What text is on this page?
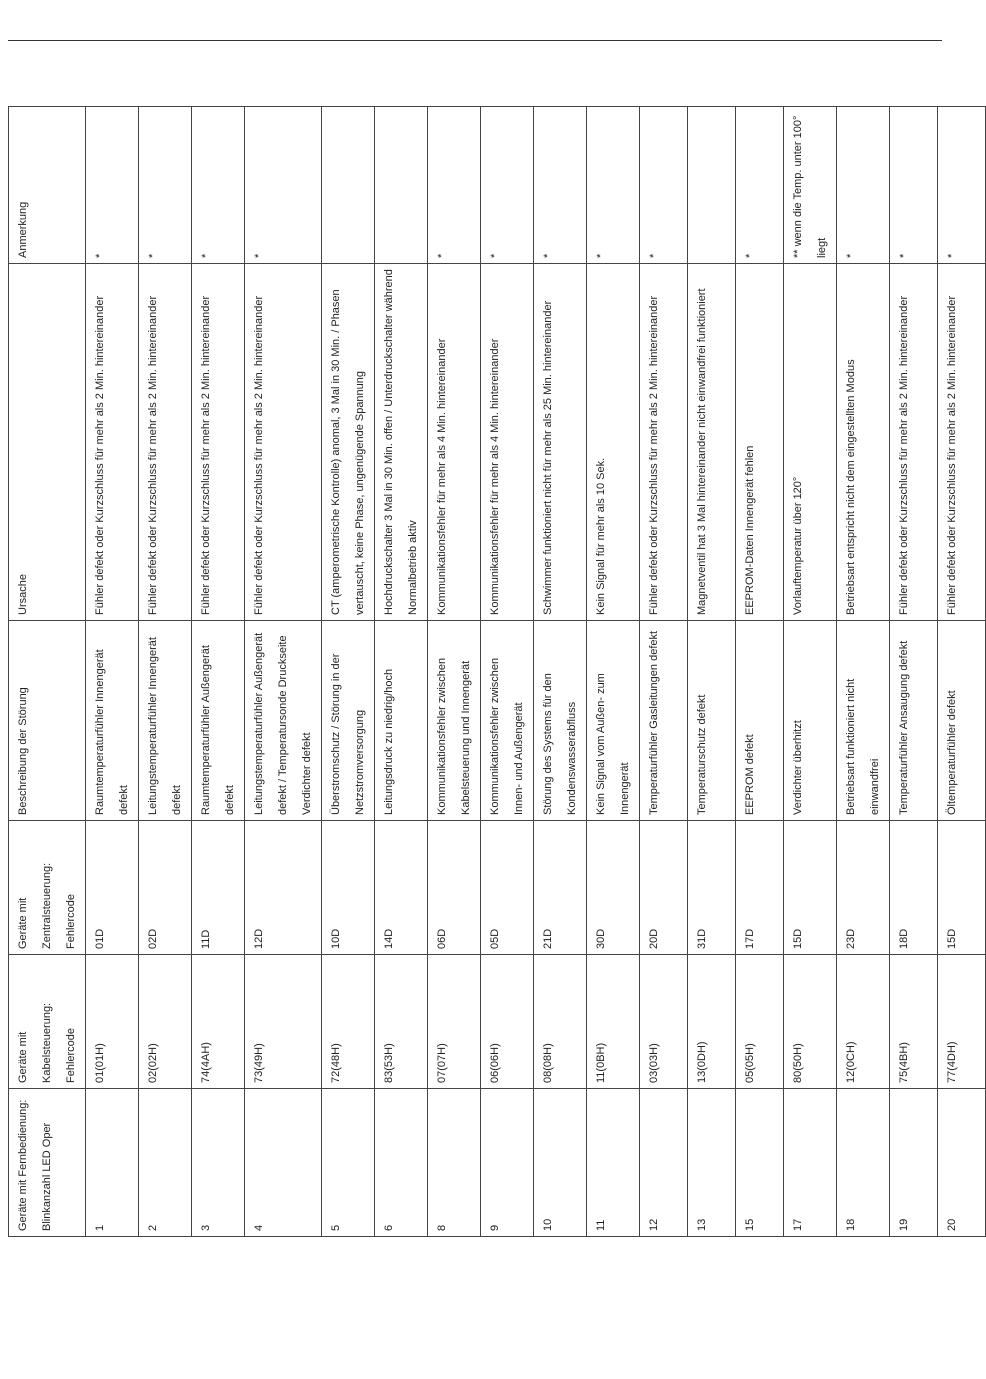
Geräte mit Fernbedienung: Blinkanzahl LED Oper	Geräte mit Kabelsteuerung: Fehlercode	Geräte mit Zentralsteuerung: Fehlercode	Beschreibung der Störung	Ursache	Anmerkung
1	01(01H)	01D	Raumtemperaturfühler Innengerät defekt	Fühler defekt oder Kurzschluss für mehr als 2 Min. hintereinander	*
2	02(02H)	02D	Leitungstemperaturfühler Innengerät defekt	Fühler defekt oder Kurzschluss für mehr als 2 Min. hintereinander	*
3	74(4AH)	11D	Raumtemperaturfühler Außengerät defekt	Fühler defekt oder Kurzschluss für mehr als 2 Min. hintereinander	*
4	73(49H)	12D	Leitungstemperaturfühler Außengerät defekt / Temperatursonde Druckseite Verdichter defekt	Fühler defekt oder Kurzschluss für mehr als 2 Min. hintereinander	*
5	72(48H)	10D	Überstromschutz / Störung in der Netzstromversorgung	CT (amperometrische Kontrolle) anomal, 3 Mal in 30 Min. / Phasen vertauscht, keine Phase, ungenügende Spannung	
6	83(53H)	14D	Leitungsdruck zu niedrig/hoch	Hochdruckschalter 3 Mal in 30 Min. offen / Unterdruckschalter während Normalbetrieb aktiv	
8	07(07H)	06D	Kommunikationsfehler zwischen Kabelsteuerung und Innengerät	Kommunikationsfehler für mehr als 4 Min. hintereinander	*
9	06(06H)	05D	Kommunikationsfehler zwischen Innen- und Außengerät	Kommunikationsfehler für mehr als 4 Min. hintereinander	*
10	08(08H)	21D	Störung des Systems für den Kondenswasserabfluss	Schwimmer funktioniert nicht für mehr als 25 Min. hintereinander	*
11	11(0BH)	30D	Kein Signal vom Außen- zum Innengerät	Kein Signal für mehr als 10 Sek.	*
12	03(03H)	20D	Temperaturfühler Gasleitungen defekt	Fühler defekt oder Kurzschluss für mehr als 2 Min. hintereinander	*
13	13(0DH)	31D	Temperaturschutz defekt	Magnetventil hat 3 Mal hintereinander nicht einwandfrei funktioniert	
15	05(05H)	17D	EEPROM defekt	EEPROM-Daten Innengerät fehlen	*
17	80(50H)	15D	Verdichter überhitzt	Vorlauftemperatur über 120°	** wenn die Temp. unter 100° liegt
18	12(0CH)	23D	Betriebsart funktioniert nicht einwandfrei	Betriebsart entspricht nicht dem eingestellten Modus	*
19	75(4BH)	18D	Temperaturfühler Ansaugung defekt	Fühler defekt oder Kurzschluss für mehr als 2 Min. hintereinander	*
20	77(4DH)	15D	Öltemperaturfühler defekt	Fühler defekt oder Kurzschluss für mehr als 2 Min. hintereinander	*
